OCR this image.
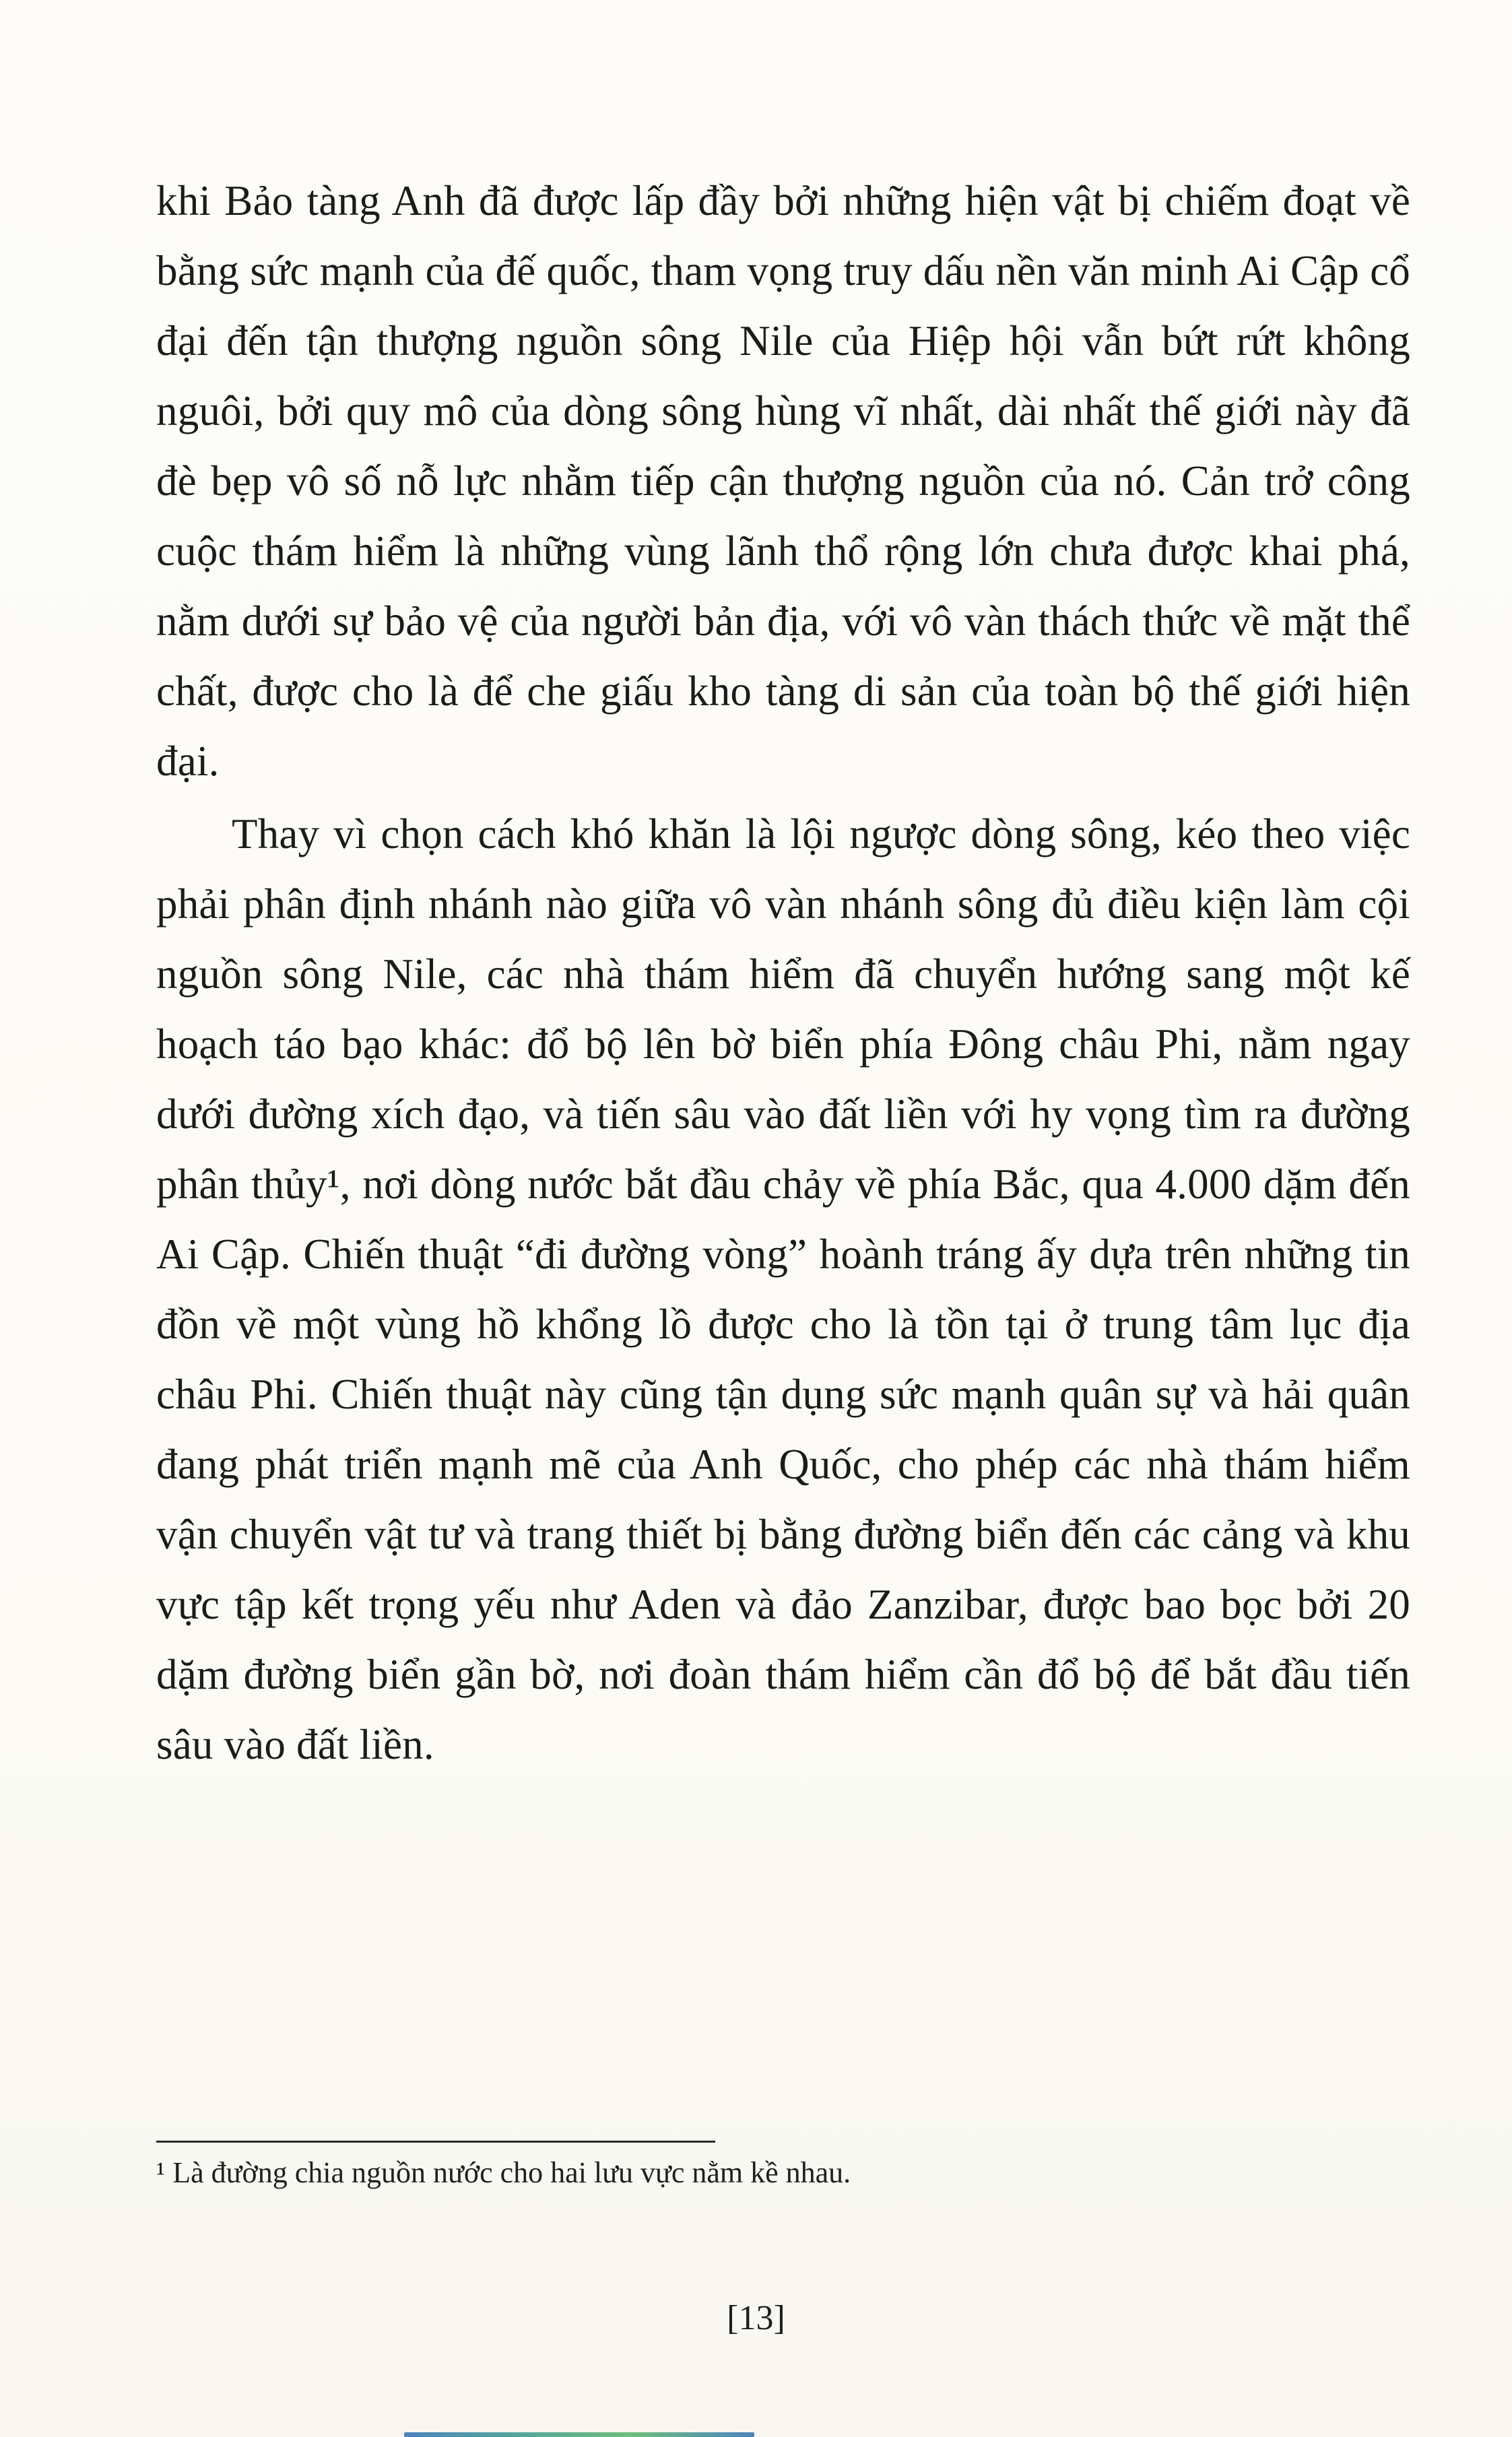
khi Bảo tàng Anh đã được lấp đầy bởi những hiện vật bị chiếm đoạt về bằng sức mạnh của đế quốc, tham vọng truy dấu nền văn minh Ai Cập cổ đại đến tận thượng nguồn sông Nile của Hiệp hội vẫn bứt rứt không nguôi, bởi quy mô của dòng sông hùng vĩ nhất, dài nhất thế giới này đã đè bẹp vô số nỗ lực nhằm tiếp cận thượng nguồn của nó. Cản trở công cuộc thám hiểm là những vùng lãnh thổ rộng lớn chưa được khai phá, nằm dưới sự bảo vệ của người bản địa, với vô vàn thách thức về mặt thể chất, được cho là để che giấu kho tàng di sản của toàn bộ thế giới hiện đại.

Thay vì chọn cách khó khăn là lội ngược dòng sông, kéo theo việc phải phân định nhánh nào giữa vô vàn nhánh sông đủ điều kiện làm cội nguồn sông Nile, các nhà thám hiểm đã chuyển hướng sang một kế hoạch táo bạo khác: đổ bộ lên bờ biển phía Đông châu Phi, nằm ngay dưới đường xích đạo, và tiến sâu vào đất liền với hy vọng tìm ra đường phân thủy¹, nơi dòng nước bắt đầu chảy về phía Bắc, qua 4.000 dặm đến Ai Cập. Chiến thuật “đi đường vòng” hoành tráng ấy dựa trên những tin đồn về một vùng hồ khổng lồ được cho là tồn tại ở trung tâm lục địa châu Phi. Chiến thuật này cũng tận dụng sức mạnh quân sự và hải quân đang phát triển mạnh mẽ của Anh Quốc, cho phép các nhà thám hiểm vận chuyển vật tư và trang thiết bị bằng đường biển đến các cảng và khu vực tập kết trọng yếu như Aden và đảo Zanzibar, được bao bọc bởi 20 dặm đường biển gần bờ, nơi đoàn thám hiểm cần đổ bộ để bắt đầu tiến sâu vào đất liền.

¹ Là đường chia nguồn nước cho hai lưu vực nằm kề nhau.
[13]
